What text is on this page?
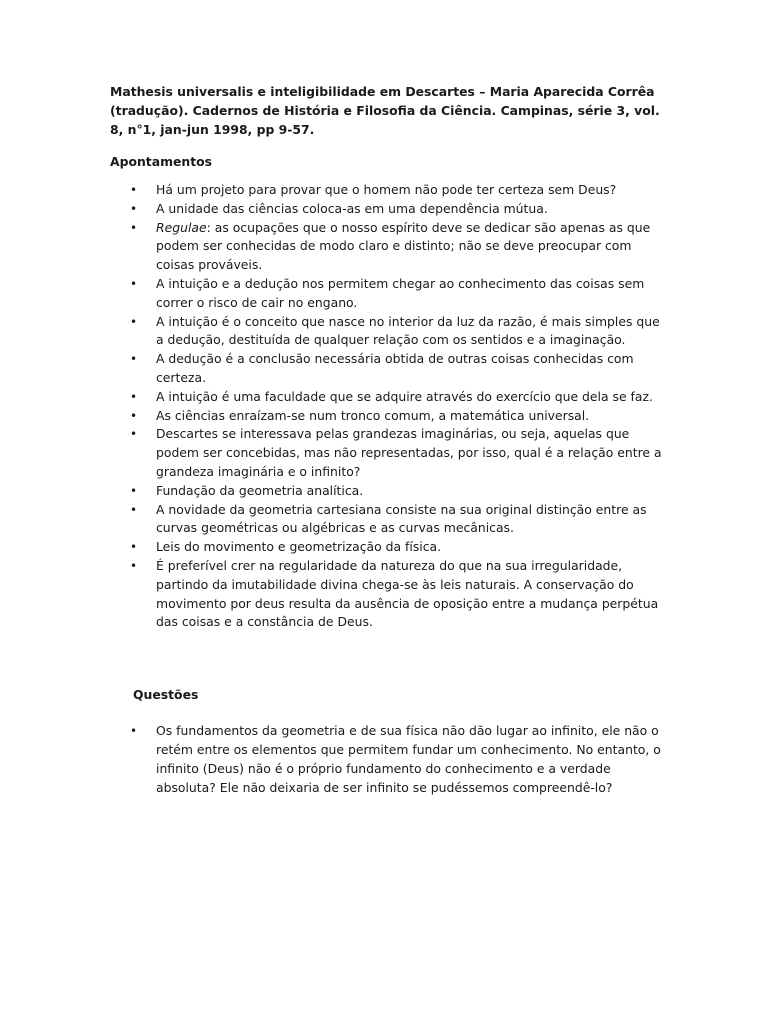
Mathesis universalis e inteligibilidade em Descartes – Maria Aparecida Corrêa (tradução). Cadernos de História e Filosofia da Ciência. Campinas, série 3, vol. 8, n°1, jan-jun 1998, pp 9-57.

Apontamentos
• Há um projeto para provar que o homem não pode ter certeza sem Deus?
• A unidade das ciências coloca-as em uma dependência mútua.
• Regulae: as ocupações que o nosso espírito deve se dedicar são apenas as que podem ser conhecidas de modo claro e distinto; não se deve preocupar com coisas prováveis.
• A intuição e a dedução nos permitem chegar ao conhecimento das coisas sem correr o risco de cair no engano.
• A intuição é o conceito que nasce no interior da luz da razão, é mais simples que a dedução, destituída de qualquer relação com os sentidos e a imaginação.
• A dedução é a conclusão necessária obtida de outras coisas conhecidas com certeza.
• A intuição é uma faculdade que se adquire através do exercício que dela se faz.
• As ciências enraízam-se num tronco comum, a matemática universal.
• Descartes se interessava pelas grandezas imaginárias, ou seja, aquelas que podem ser concebidas, mas não representadas, por isso, qual é a relação entre a grandeza imaginária e o infinito?
• Fundação da geometria analítica.
• A novidade da geometria cartesiana consiste na sua original distinção entre as curvas geométricas ou algébricas e as curvas mecânicas.
• Leis do movimento e geometrização da física.
• É preferível crer na regularidade da natureza do que na sua irregularidade, partindo da imutabilidade divina chega-se às leis naturais. A conservação do movimento por deus resulta da ausência de oposição entre a mudança perpétua das coisas e a constância de Deus.
Questões
• Os fundamentos da geometria e de sua física não dão lugar ao infinito, ele não o retém entre os elementos que permitem fundar um conhecimento. No entanto, o infinito (Deus) não é o próprio fundamento do conhecimento e a verdade absoluta? Ele não deixaria de ser infinito se pudéssemos compreendê-lo?
